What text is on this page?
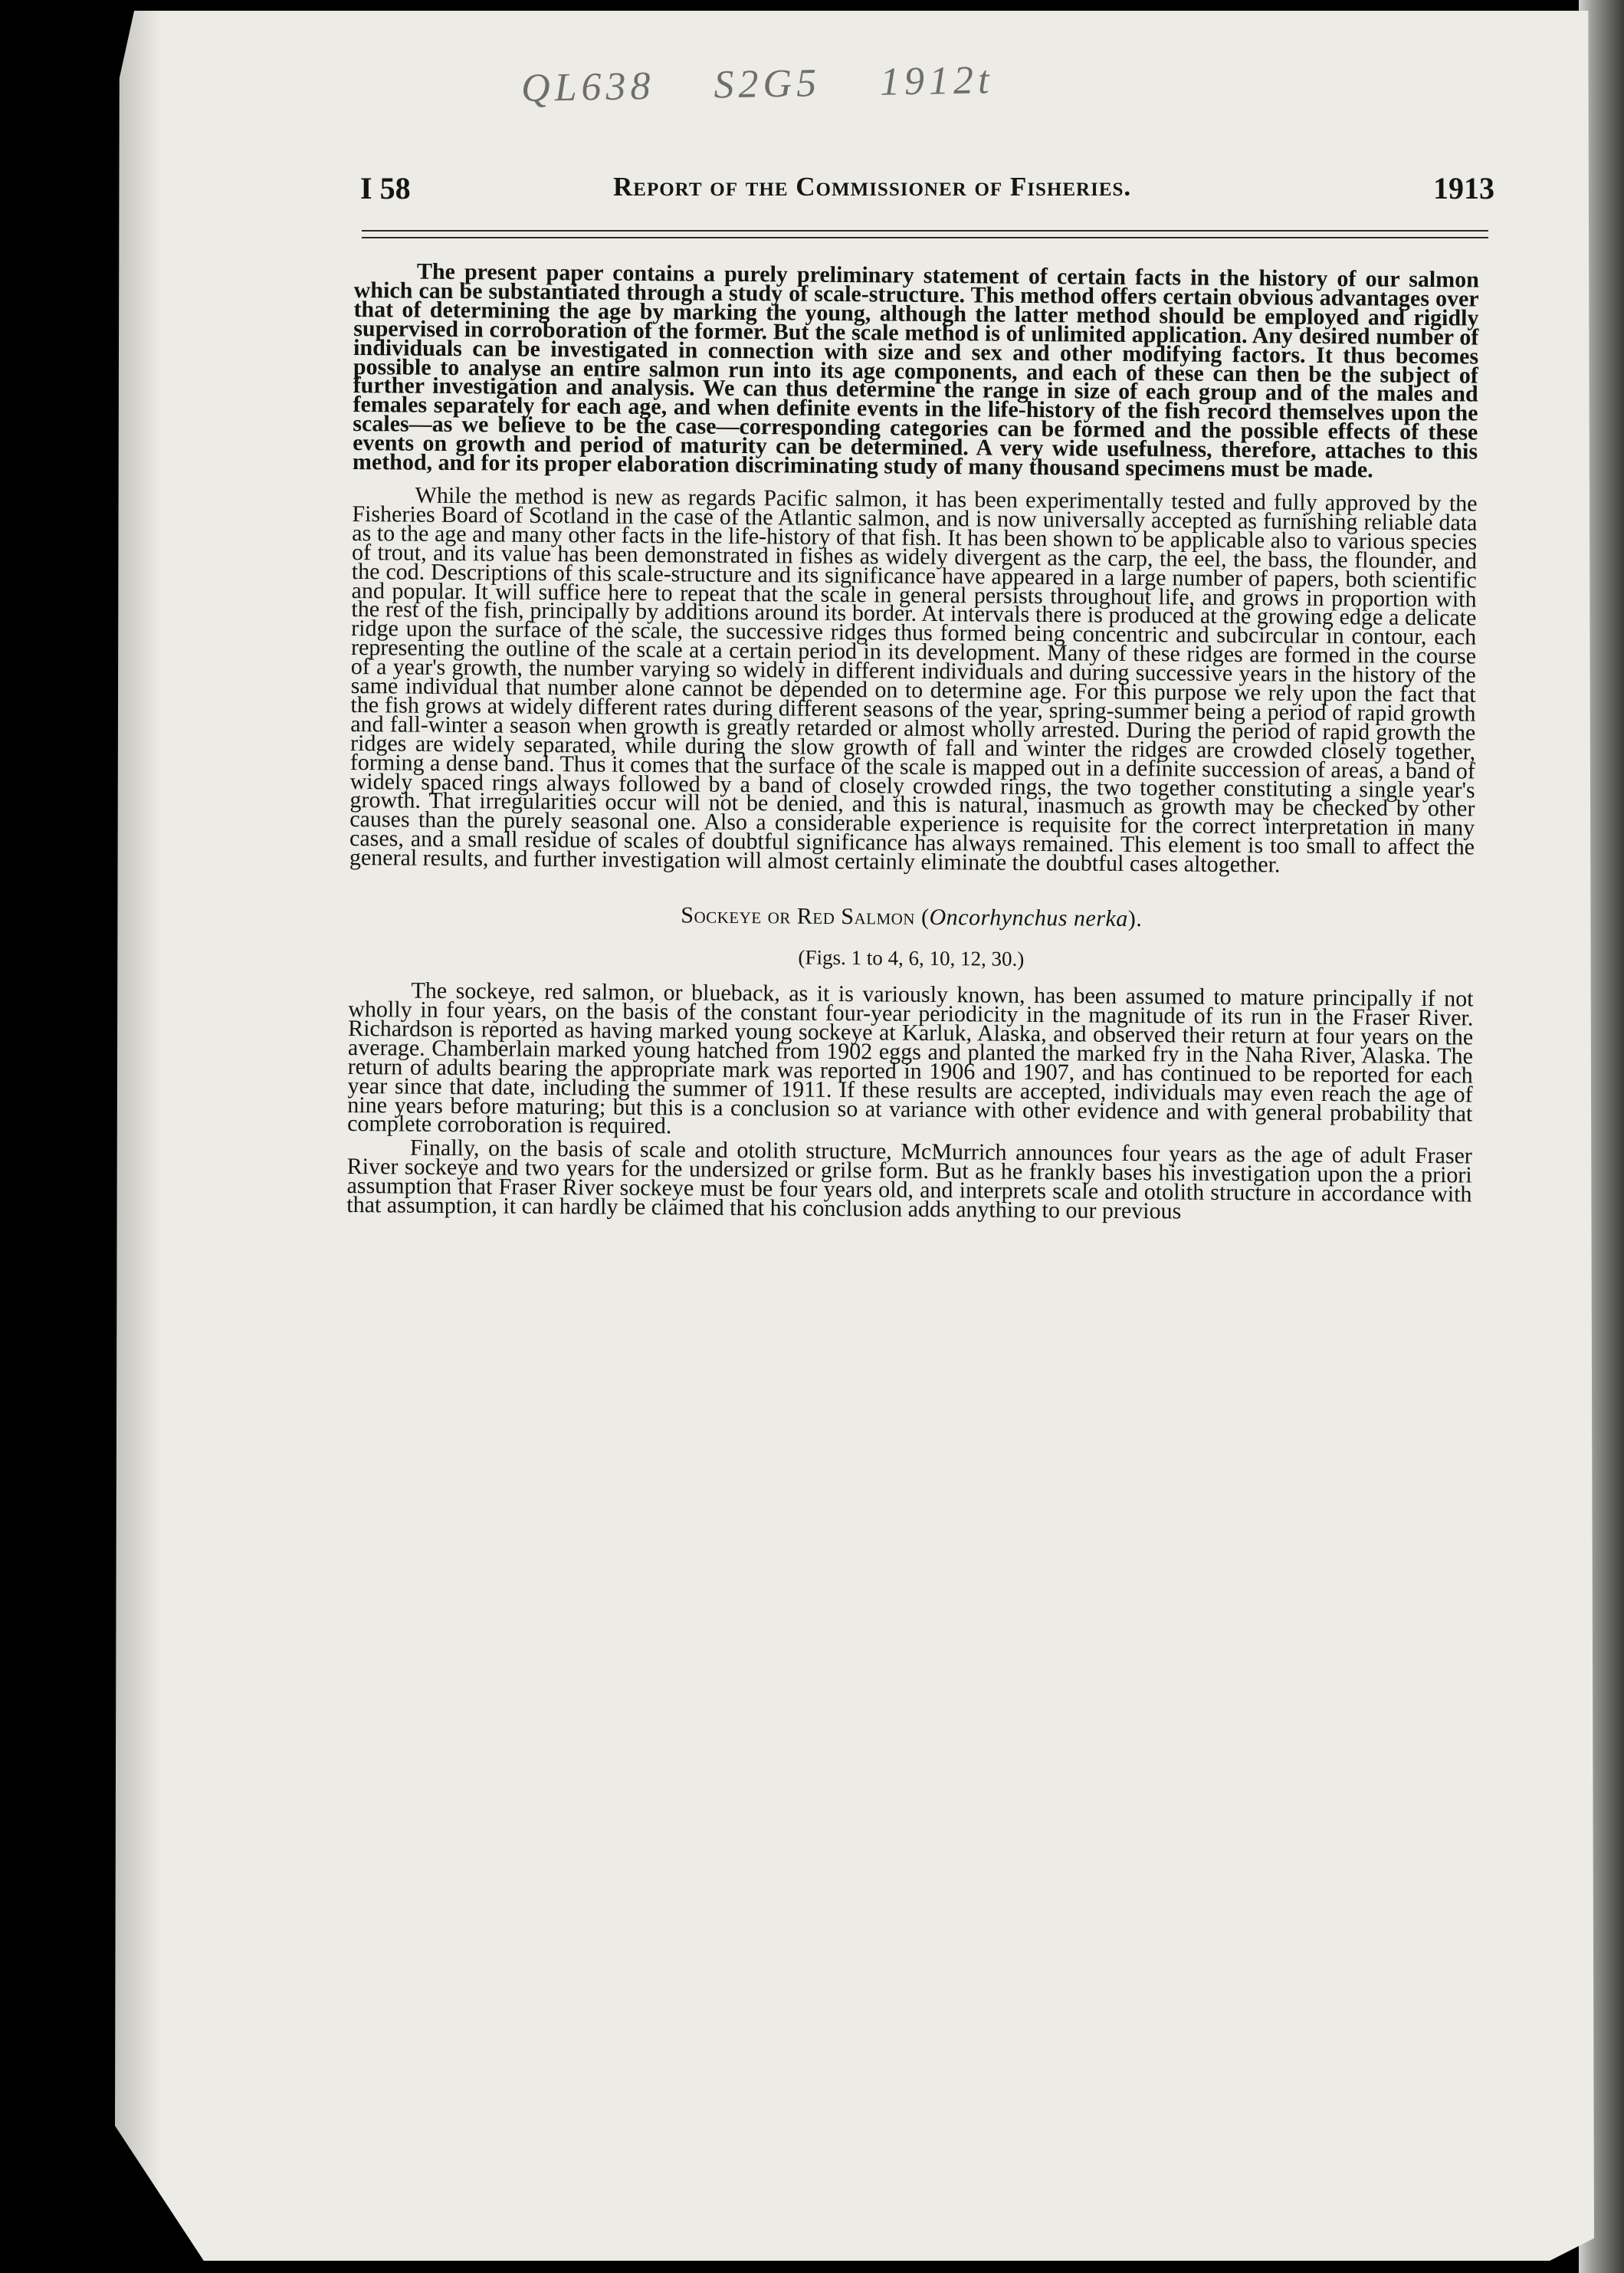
QL638 S2G5 1912t
I 58	Report of the Commissioner of Fisheries.	1913

The present paper contains a purely preliminary statement of certain facts in the history of our salmon which can be substantiated through a study of scale-structure. This method offers certain obvious advantages over that of determining the age by marking the young, although the latter method should be employed and rigidly supervised in corroboration of the former. But the scale method is of unlimited application. Any desired number of individuals can be investigated in connection with size and sex and other modifying factors. It thus becomes possible to analyse an entire salmon run into its age components, and each of these can then be the subject of further investigation and analysis. We can thus determine the range in size of each group and of the males and females separately for each age, and when definite events in the life-history of the fish record themselves upon the scales—as we believe to be the case—corresponding categories can be formed and the possible effects of these events on growth and period of maturity can be determined. A very wide usefulness, therefore, attaches to this method, and for its proper elaboration discriminating study of many thousand specimens must be made.

While the method is new as regards Pacific salmon, it has been experimentally tested and fully approved by the Fisheries Board of Scotland in the case of the Atlantic salmon, and is now universally accepted as furnishing reliable data as to the age and many other facts in the life-history of that fish. It has been shown to be applicable also to various species of trout, and its value has been demonstrated in fishes as widely divergent as the carp, the eel, the bass, the flounder, and the cod. Descriptions of this scale-structure and its significance have appeared in a large number of papers, both scientific and popular. It will suffice here to repeat that the scale in general persists throughout life, and grows in proportion with the rest of the fish, principally by additions around its border. At intervals there is produced at the growing edge a delicate ridge upon the surface of the scale, the successive ridges thus formed being concentric and subcircular in contour, each representing the outline of the scale at a certain period in its development. Many of these ridges are formed in the course of a year's growth, the number varying so widely in different individuals and during successive years in the history of the same individual that number alone cannot be depended on to determine age. For this purpose we rely upon the fact that the fish grows at widely different rates during different seasons of the year, spring-summer being a period of rapid growth and fall-winter a season when growth is greatly retarded or almost wholly arrested. During the period of rapid growth the ridges are widely separated, while during the slow growth of fall and winter the ridges are crowded closely together, forming a dense band. Thus it comes that the surface of the scale is mapped out in a definite succession of areas, a band of widely spaced rings always followed by a band of closely crowded rings, the two together constituting a single year's growth. That irregularities occur will not be denied, and this is natural, inasmuch as growth may be checked by other causes than the purely seasonal one. Also a considerable experience is requisite for the correct interpretation in many cases, and a small residue of scales of doubtful significance has always remained. This element is too small to affect the general results, and further investigation will almost certainly eliminate the doubtful cases altogether.

Sockeye or Red Salmon (Oncorhynchus nerka).

(Figs. 1 to 4, 6, 10, 12, 30.)

The sockeye, red salmon, or blueback, as it is variously known, has been assumed to mature principally if not wholly in four years, on the basis of the constant four-year periodicity in the magnitude of its run in the Fraser River. Richardson is reported as having marked young sockeye at Karluk, Alaska, and observed their return at four years on the average. Chamberlain marked young hatched from 1902 eggs and planted the marked fry in the Naha River, Alaska. The return of adults bearing the appropriate mark was reported in 1906 and 1907, and has continued to be reported for each year since that date, including the summer of 1911. If these results are accepted, individuals may even reach the age of nine years before maturing; but this is a conclusion so at variance with other evidence and with general probability that complete corroboration is required.

Finally, on the basis of scale and otolith structure, McMurrich announces four years as the age of adult Fraser River sockeye and two years for the undersized or grilse form. But as he frankly bases his investigation upon the a priori assumption that Fraser River sockeye must be four years old, and interprets scale and otolith structure in accordance with that assumption, it can hardly be claimed that his conclusion adds anything to our previous
